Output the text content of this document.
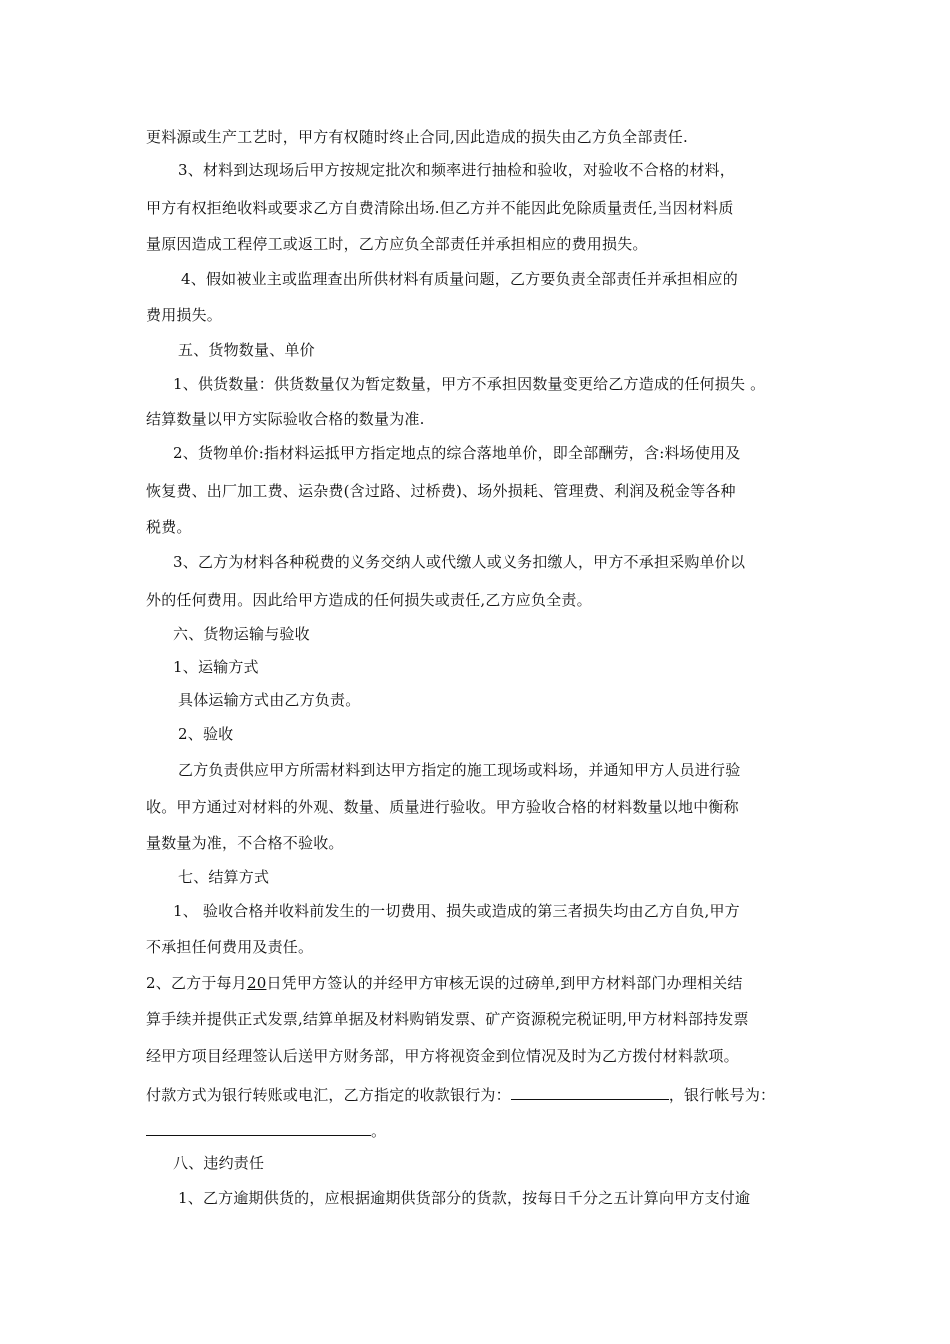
更料源或生产工艺时，甲方有权随时终止合同,因此造成的损失由乙方负全部责任.
3、材料到达现场后甲方按规定批次和频率进行抽检和验收，对验收不合格的材料，
甲方有权拒绝收料或要求乙方自费清除出场.但乙方并不能因此免除质量责任,当因材料质
量原因造成工程停工或返工时，乙方应负全部责任并承担相应的费用损失。
4、假如被业主或监理查出所供材料有质量问题，乙方要负责全部责任并承担相应的
费用损失。
五、货物数量、单价
1、供货数量：供货数量仅为暂定数量，甲方不承担因数量变更给乙方造成的任何损失 。
结算数量以甲方实际验收合格的数量为准.
2、货物单价:指材料运抵甲方指定地点的综合落地单价，即全部酬劳，含:料场使用及
恢复费、出厂加工费、运杂费(含过路、过桥费)、场外损耗、管理费、利润及税金等各种
税费。
3、乙方为材料各种税费的义务交纳人或代缴人或义务扣缴人，甲方不承担采购单价以
外的任何费用。因此给甲方造成的任何损失或责任,乙方应负全责。
六、货物运输与验收
1、运输方式
具体运输方式由乙方负责。
2、验收
乙方负责供应甲方所需材料到达甲方指定的施工现场或料场，并通知甲方人员进行验
收。甲方通过对材料的外观、数量、质量进行验收。甲方验收合格的材料数量以地中衡称
量数量为准，不合格不验收。
七、结算方式
1、 验收合格并收料前发生的一切费用、损失或造成的第三者损失均由乙方自负,甲方
不承担任何费用及责任。
2、乙方于每月20日凭甲方签认的并经甲方审核无误的过磅单,到甲方材料部门办理相关结
算手续并提供正式发票,结算单据及材料购销发票、矿产资源税完税证明,甲方材料部持发票
经甲方项目经理签认后送甲方财务部，甲方将视资金到位情况及时为乙方拨付材料款项。
付款方式为银行转账或电汇，乙方指定的收款银行为：	，银行帐号为：
。
八、违约责任
1、乙方逾期供货的，应根据逾期供货部分的货款，按每日千分之五计算向甲方支付逾
